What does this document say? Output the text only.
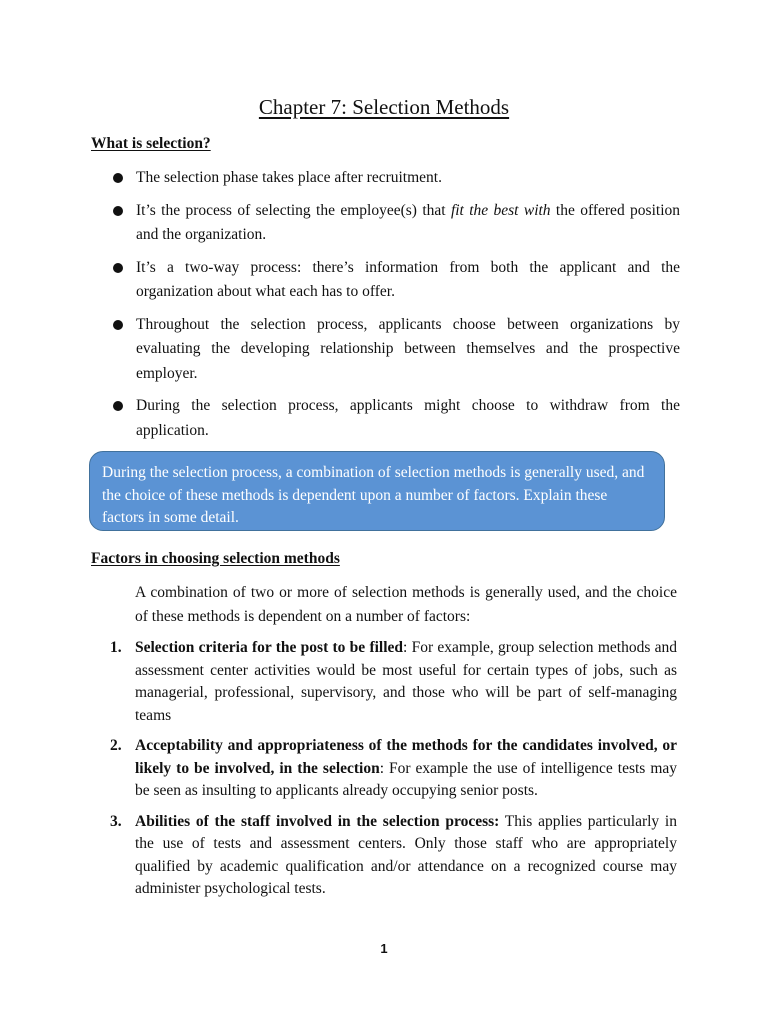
Chapter 7: Selection Methods
What is selection?
The selection phase takes place after recruitment.
It’s the process of selecting the employee(s) that fit the best with the offered position and the organization.
It’s a two-way process: there’s information from both the applicant and the organization about what each has to offer.
Throughout the selection process, applicants choose between organizations by evaluating the developing relationship between themselves and the prospective employer.
During the selection process, applicants might choose to withdraw from the application.
During the selection process, a combination of selection methods is generally used, and the choice of these methods is dependent upon a number of factors. Explain these factors in some detail.
Factors in choosing selection methods

A combination of two or more of selection methods is generally used, and the choice of these methods is dependent on a number of factors:

1. Selection criteria for the post to be filled: For example, group selection methods and assessment center activities would be most useful for certain types of jobs, such as managerial, professional, supervisory, and those who will be part of self-managing teams
2. Acceptability and appropriateness of the methods for the candidates involved, or likely to be involved, in the selection: For example the use of intelligence tests may be seen as insulting to applicants already occupying senior posts.
3. Abilities of the staff involved in the selection process: This applies particularly in the use of tests and assessment centers. Only those staff who are appropriately qualified by academic qualification and/or attendance on a recognized course may administer psychological tests.
1
